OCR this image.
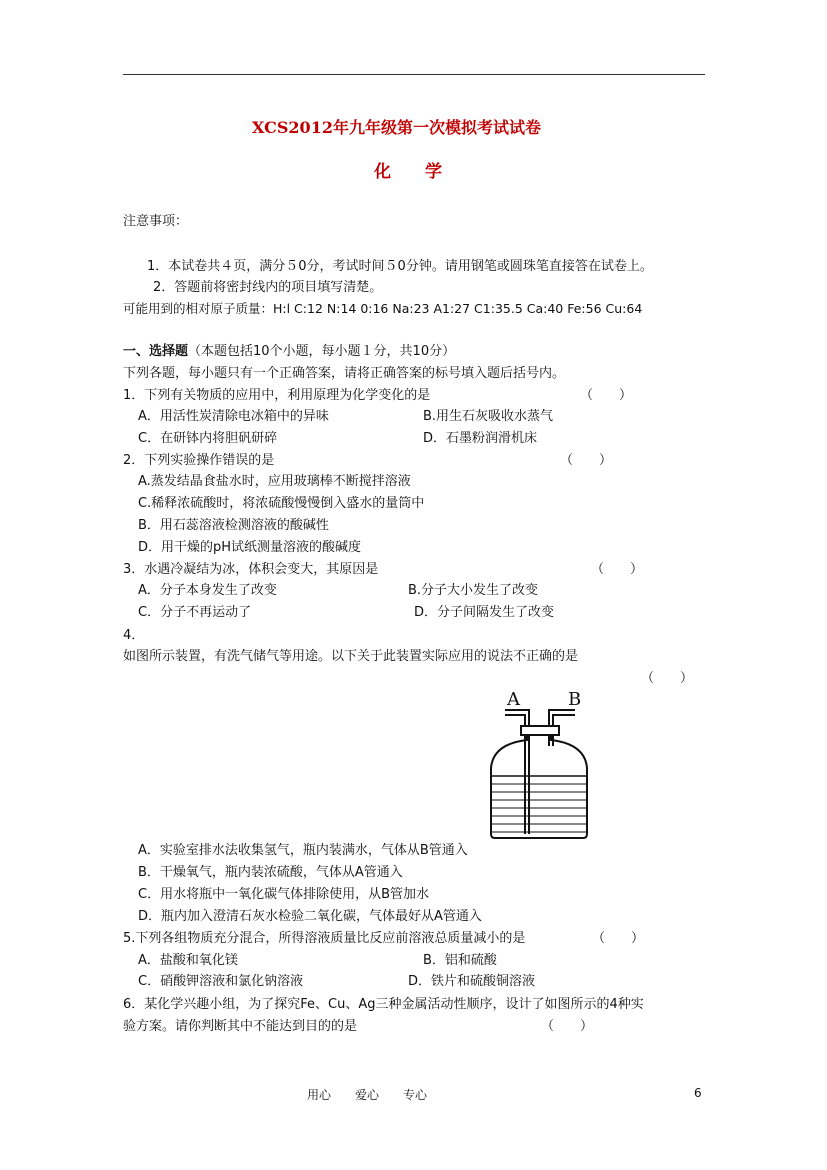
XCS2012年九年级第一次模拟考试试卷
化　　学
注意事项：
1．本试卷共４页，满分５0分，考试时间５0分钟。请用钢笔或圆珠笔直接答在试卷上。
2．答题前将密封线内的项目填写清楚。
可能用到的相对原子质量：H:l C:12 N:14 0:16 Na:23 A1:27 C1:35.5 Ca:40 Fe:56 Cu:64
一、选择题（本题包括10个小题，每小题１分，共10分）
下列各题，每小题只有一个正确答案，请将正确答案的标号填入题后括号内。
1．下列有关物质的应用中，利用原理为化学变化的是	（　　）
A．用活性炭清除电冰箱中的异味	B.用生石灰吸收水蒸气
C．在研钵内将胆矾研碎	D．石墨粉润滑机床
2．下列实验操作错误的是	（　　）
A.蒸发结晶食盐水时，应用玻璃棒不断搅拌溶液
C.稀释浓硫酸时，将浓硫酸慢慢倒入盛水的量筒中
B．用石蕊溶液检测溶液的酸碱性
D．用干燥的pH试纸测量溶液的酸碱度
3．水遇冷凝结为冰，体积会变大，其原因是	（　　）
A．分子本身发生了改变	B.分子大小发生了改变
C．分子不再运动了	D．分子间隔发生了改变
4．
如图所示装置，有洗气储气等用途。以下关于此装置实际应用的说法不正确的是
（　　）
A	B
A．实验室排水法收集氢气，瓶内装满水，气体从B管通入
B．干燥氧气，瓶内装浓硫酸，气体从A管通入
C．用水将瓶中一氧化碳气体排除使用，从B管加水
D．瓶内加入澄清石灰水检验二氧化碳，气体最好从A管通入
5.下列各组物质充分混合，所得溶液质量比反应前溶液总质量减小的是	（　　）
A．盐酸和氧化镁	B．铝和硫酸
C．硝酸钾溶液和氯化钠溶液	D．铁片和硫酸铜溶液
6．某化学兴趣小组，为了探究Fe、Cu、Ag三种金属活动性顺序，设计了如图所示的4种实
验方案。请你判断其中不能达到目的的是	（　　）
用心　　爱心　　专心	6
